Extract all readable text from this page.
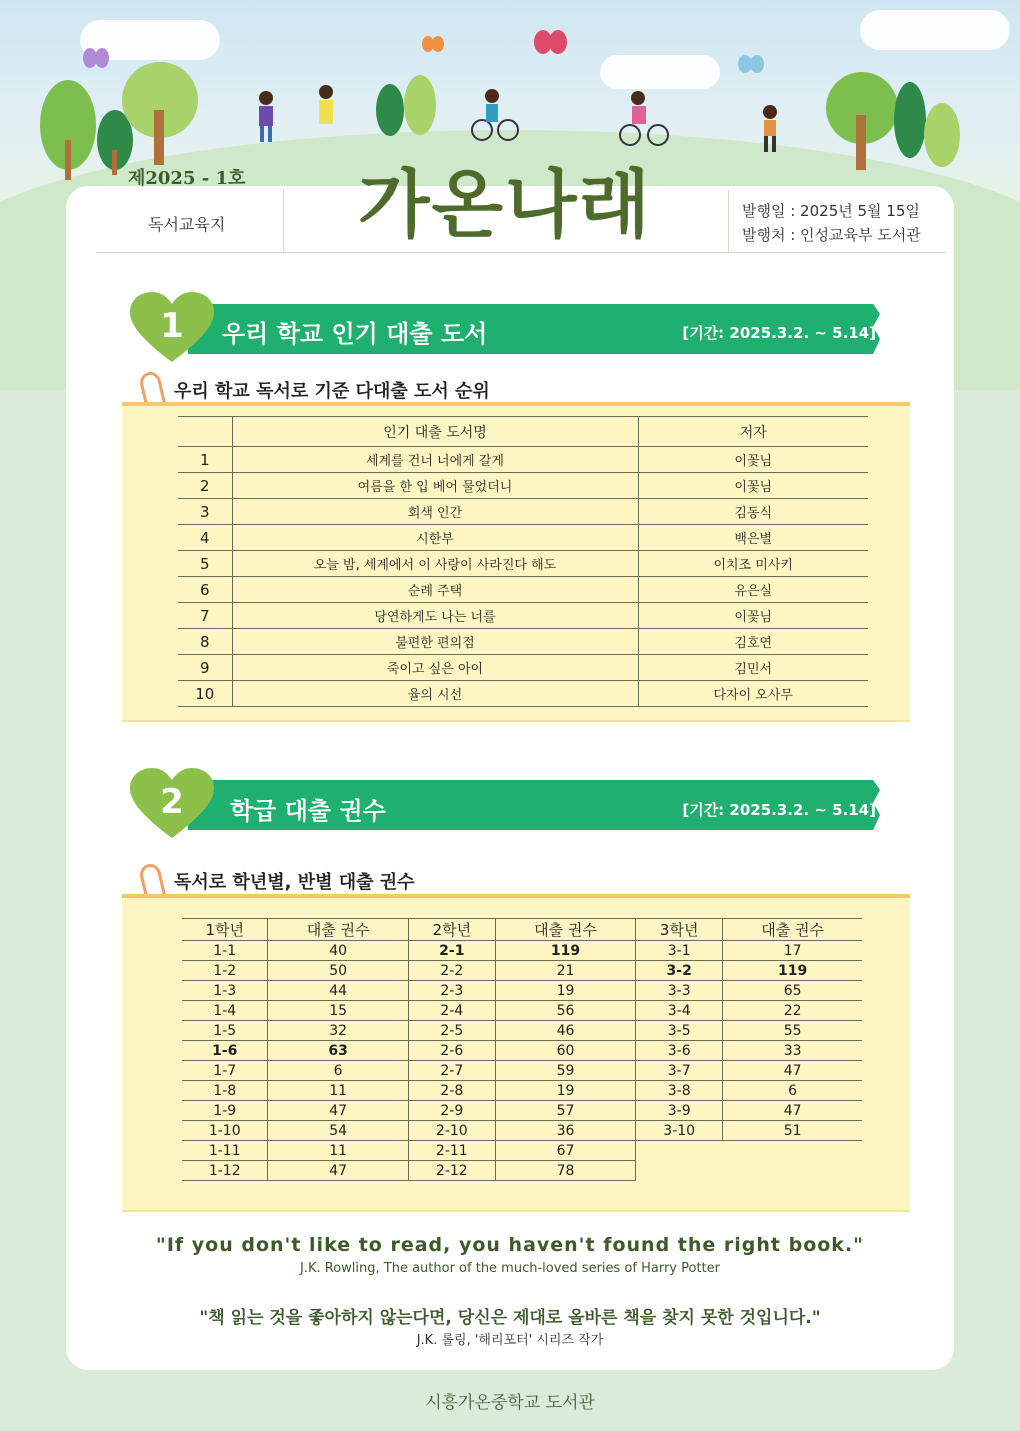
제2025 - 1호
독서교육지 가온나래	발행일 : 2025년 5월 15일
발행처 : 인성교육부 도서관
1	우리 학교 인기 대출 도서	[기간: 2025.3.2. ~ 5.14]
우리 학교 독서로 기준 다대출 도서 순위
	인기 대출 도서명	저자
1	세계를 건너 너에게 갈게	이꽃님
2	여름을 한 입 베어 물었더니	이꽃님
3	회색 인간	김동식
4	시한부	백은별
5	오늘 밤, 세계에서 이 사랑이 사라진다 해도	이치조 미사키
6	순례 주택	유은실
7	당연하게도 나는 너를	이꽃님
8	불편한 편의점	김호연
9	죽이고 싶은 아이	김민서
10	율의 시선	다자이 오사무
2	학급 대출 권수	[기간: 2025.3.2. ~ 5.14]
독서로 학년별, 반별 대출 권수
1학년	대출 권수	2학년	대출 권수	3학년	대출 권수
1-1	40	2-1	119	3-1	17
1-2	50	2-2	21	3-2	119
1-3	44	2-3	19	3-3	65
1-4	15	2-4	56	3-4	22
1-5	32	2-5	46	3-5	55
1-6	63	2-6	60	3-6	33
1-7	6	2-7	59	3-7	47
1-8	11	2-8	19	3-8	6
1-9	47	2-9	57	3-9	47
1-10	54	2-10	36	3-10	51
1-11	11	2-11	67		
1-12	47	2-12	78		
"If you don't like to read, you haven't found the right book."
J.K. Rowling, The author of the much-loved series of Harry Potter
"책 읽는 것을 좋아하지 않는다면, 당신은 제대로 올바른 책을 찾지 못한 것입니다."
J.K. 롤링, '해리포터' 시리즈 작가
시흥가온중학교 도서관
